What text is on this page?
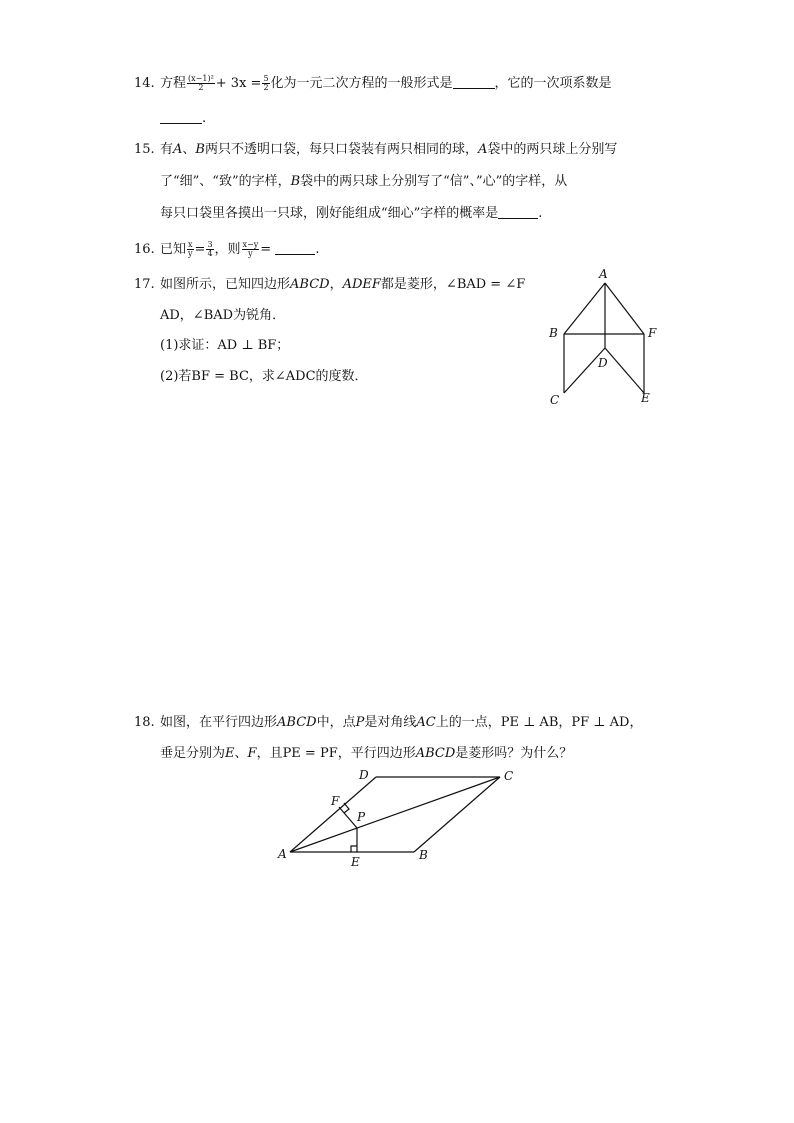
14. 方程 $\frac{\text{(x−1)²}}{2} + 3x = \frac{5}{2}$ 化为一元二次方程的一般形式是	，它的一次项系数是
.
15. 有A、B两只不透明口袋，每只口袋装有两只相同的球，A袋中的两只球上分别写
了“细”、“致”的字样，B袋中的两只球上分别写了“信”、”心”的字样，从
每只口袋里各摸出一只球，刚好能组成“细心”字样的概率是	.
16. 已知 $\frac{x}{y} = \frac{3}{4}$ ，则 $\frac{x-y}{y}$ =	.
17. 如图所示，已知四边形ABCD，ADEF都是菱形，∠BAD = ∠F
AD，∠BAD为锐角．
(1)求证：AD ⊥ BF；
(2)若BF = BC，求∠ADC的度数．
A
B	F
D
C	E
18. 如图，在平行四边形ABCD中，点P是对角线AC上的一点，PE ⊥ AB，PF ⊥ AD，
垂足分别为E、F，且PE = PF，平行四边形ABCD是菱形吗？为什么？
D	C
F
P
A
E	B
